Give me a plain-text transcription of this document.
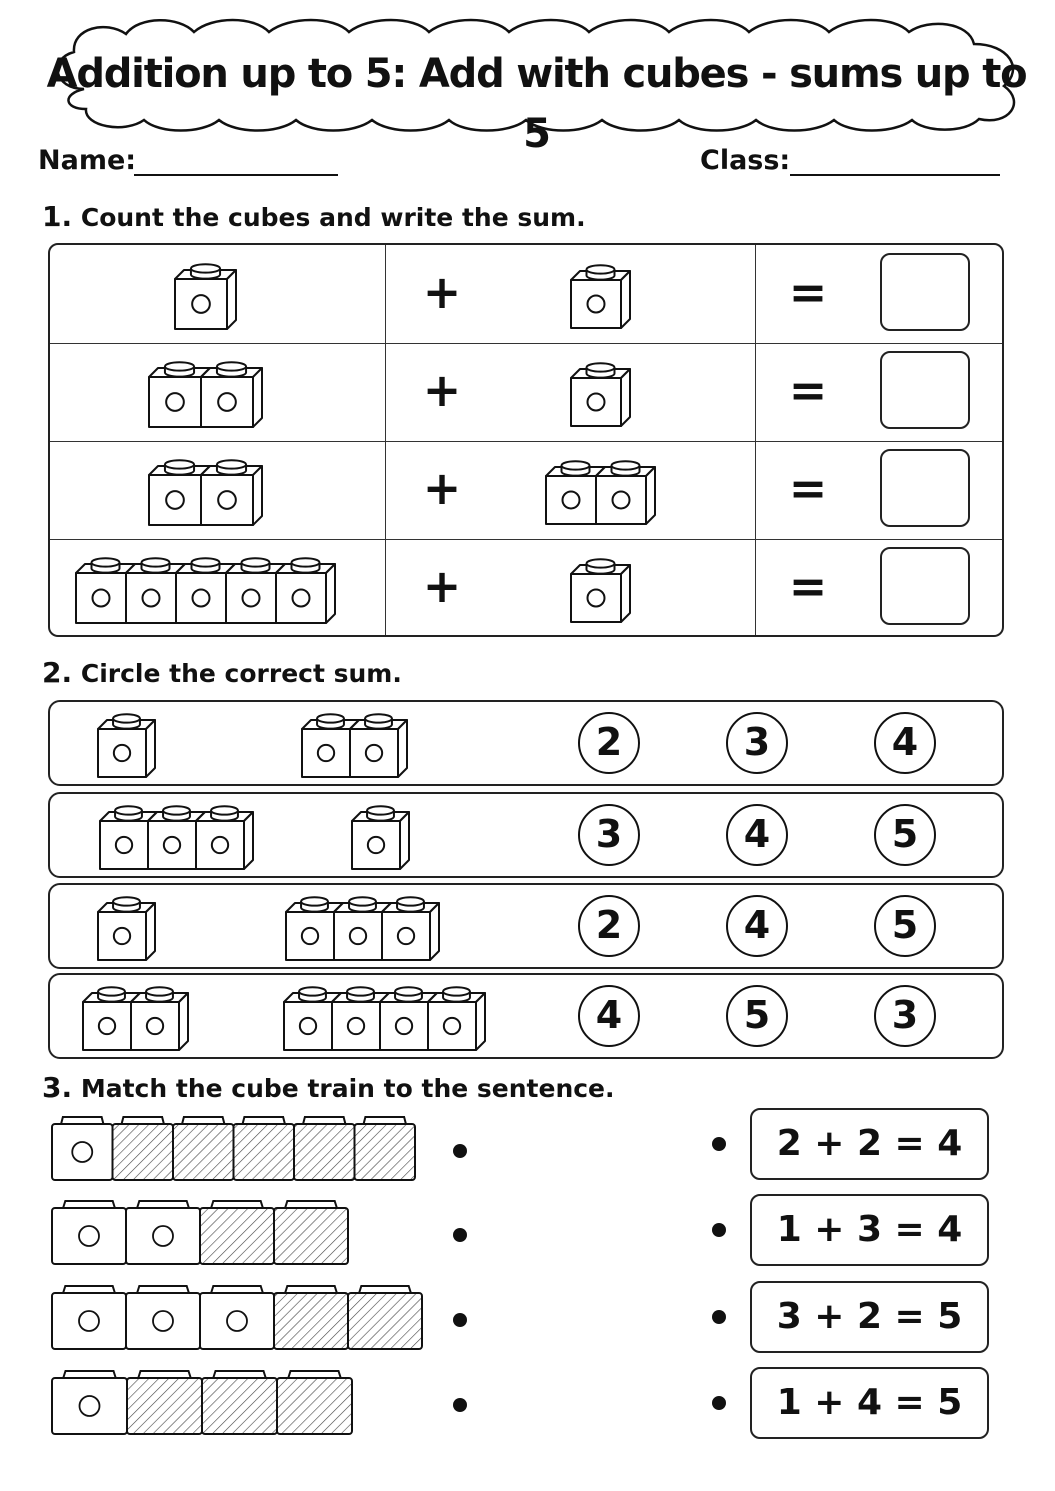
Addition up to 5: Add with cubes - sums up to 5
Name:	Class:
1. Count the cubes and write the sum.
+	=
+	=
+	=
+	=
2. Circle the correct sum.
2	3	4
3	4	5
2	4	5
4	5	3
3. Match the cube train to the sentence.
2 + 2 = 4
1 + 3 = 4
3 + 2 = 5
1 + 4 = 5
